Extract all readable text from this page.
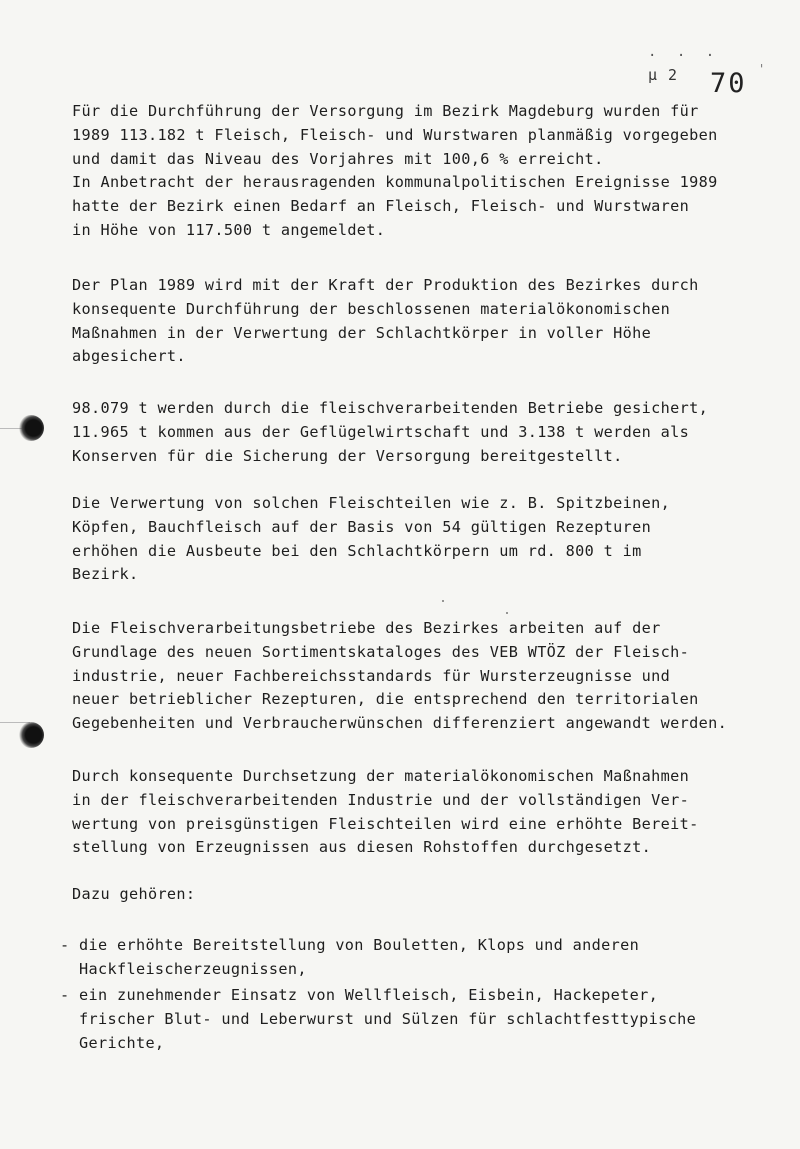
. . .
μ 2 70 '
Für die Durchführung der Versorgung im Bezirk Magdeburg wurden für
1989 113.182 t Fleisch, Fleisch- und Wurstwaren planmäßig vorgegeben
und damit das Niveau des Vorjahres mit 100,6 % erreicht.
In Anbetracht der herausragenden kommunalpolitischen Ereignisse 1989
hatte der Bezirk einen Bedarf an Fleisch, Fleisch- und Wurstwaren
in Höhe von 117.500 t angemeldet.
Der Plan 1989 wird mit der Kraft der Produktion des Bezirkes durch
konsequente Durchführung der beschlossenen materialökonomischen
Maßnahmen in der Verwertung der Schlachtkörper in voller Höhe
abgesichert.
98.079 t werden durch die fleischverarbeitenden Betriebe gesichert,
11.965 t kommen aus der Geflügelwirtschaft und 3.138 t werden als
Konserven für die Sicherung der Versorgung bereitgestellt.
Die Verwertung von solchen Fleischteilen wie z. B. Spitzbeinen,
Köpfen, Bauchfleisch auf der Basis von 54 gültigen Rezepturen
erhöhen die Ausbeute bei den Schlachtkörpern um rd. 800 t im
Bezirk.
Die Fleischverarbeitungsbetriebe des Bezirkes arbeiten auf der
Grundlage des neuen Sortimentskataloges des VEB WTÖZ der Fleisch-
industrie, neuer Fachbereichsstandards für Wursterzeugnisse und
neuer betrieblicher Rezepturen, die entsprechend den territorialen
Gegebenheiten und Verbraucherwünschen differenziert angewandt werden.
Durch konsequente Durchsetzung der materialökonomischen Maßnahmen
in der fleischverarbeitenden Industrie und der vollständigen Ver-
wertung von preisgünstigen Fleischteilen wird eine erhöhte Bereit-
stellung von Erzeugnissen aus diesen Rohstoffen durchgesetzt.
Dazu gehören:
- die erhöhte Bereitstellung von Bouletten, Klops und anderen
Hackfleischerzeugnissen,
- ein zunehmender Einsatz von Wellfleisch, Eisbein, Hackepeter,
frischer Blut- und Leberwurst und Sülzen für schlachtfesttypische
Gerichte,
